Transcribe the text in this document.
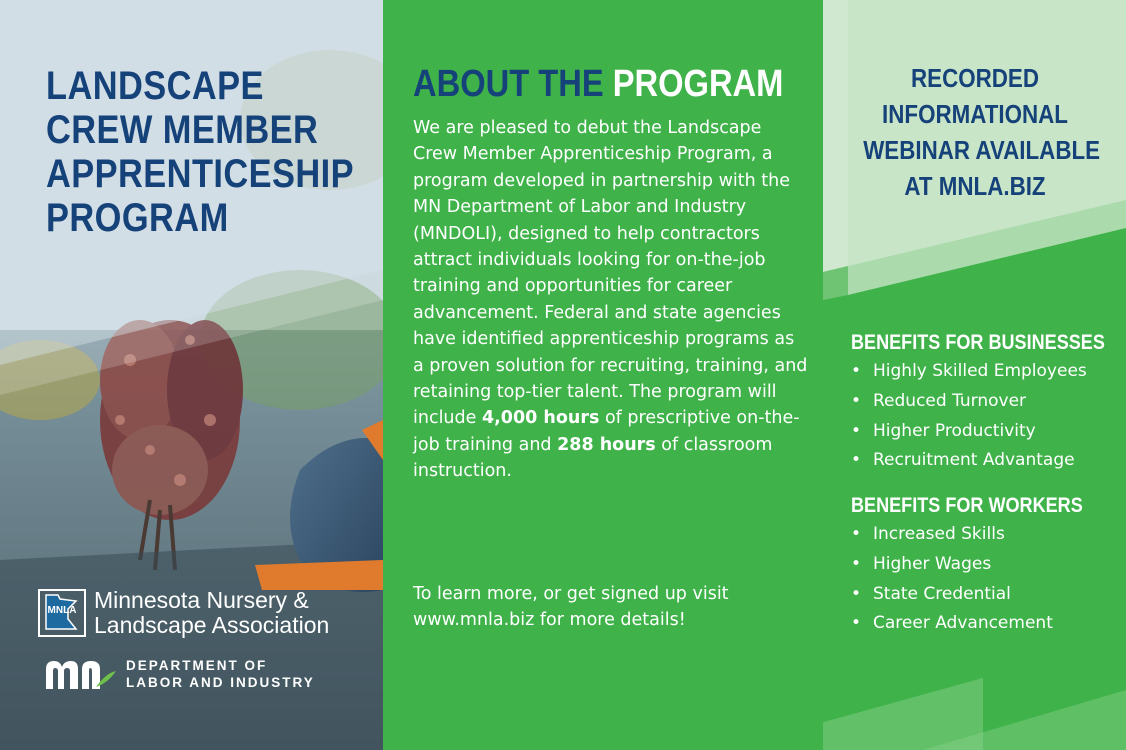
LANDSCAPE
CREW MEMBER
APPRENTICESHIP
PROGRAM
MNLA Minnesota Nursery &
Landscape Association
DEPARTMENT OF
LABOR AND INDUSTRY
ABOUT THE PROGRAM

We are pleased to debut the Landscape Crew Member Apprenticeship Program, a program developed in partnership with the MN Department of Labor and Industry (MNDOLI), designed to help contractors attract individuals looking for on-the-job training and opportunities for career advancement. Federal and state agencies have identified apprenticeship programs as a proven solution for recruiting, training, and retaining top-tier talent. The program will include 4,000 hours of prescriptive on-the-job training and 288 hours of classroom instruction.

To learn more, or get signed up visit www.mnla.biz for more details!

RECORDED
INFORMATIONAL
WEBINAR AVAILABLE
AT MNLA.BIZ

BENEFITS FOR BUSINESSES
• Highly Skilled Employees
• Reduced Turnover
• Higher Productivity
• Recruitment Advantage
BENEFITS FOR WORKERS
• Increased Skills
• Higher Wages
• State Credential
• Career Advancement
